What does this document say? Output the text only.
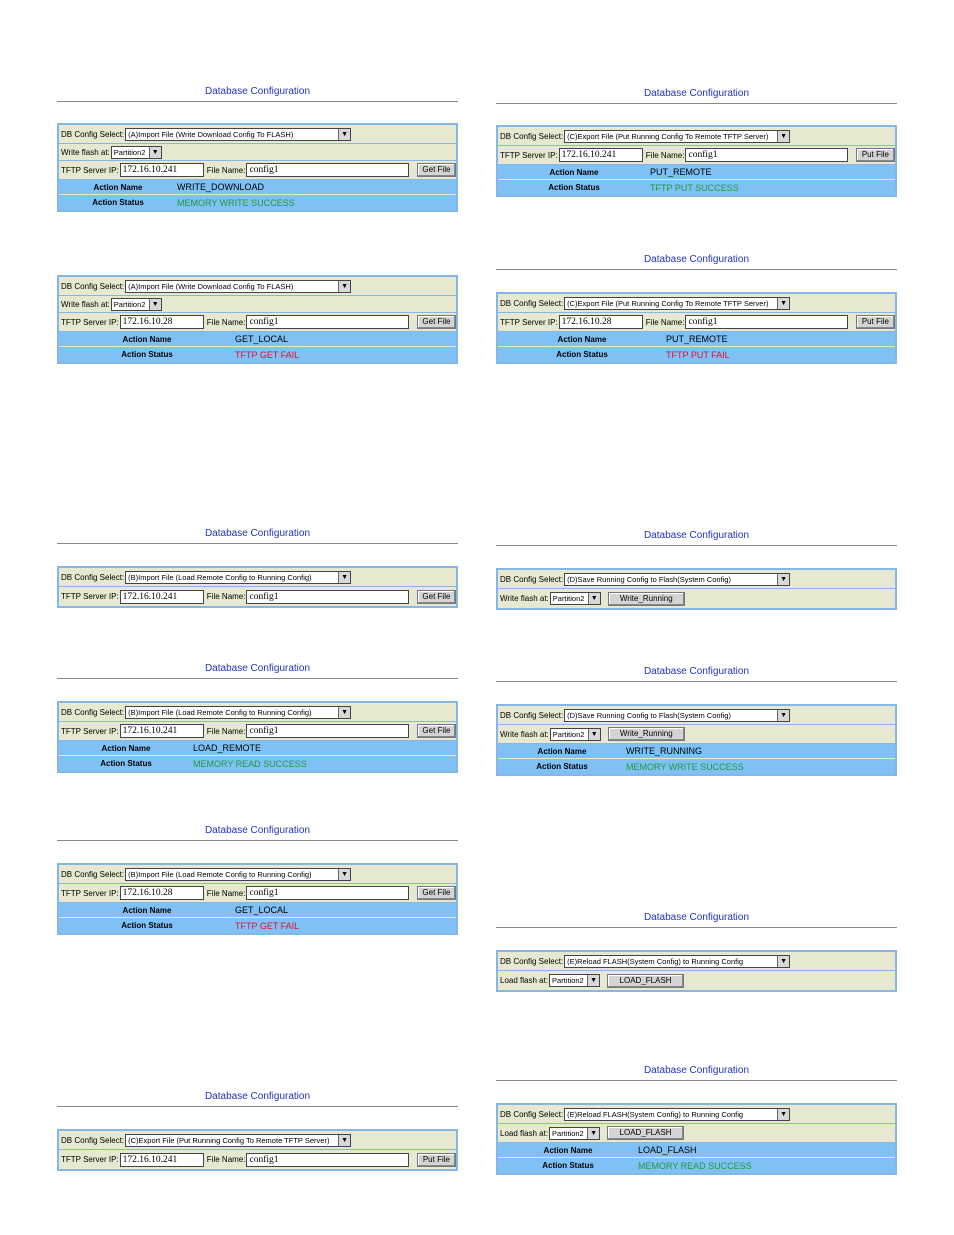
Database Configuration
DB Config Select: (A)Import File (Write Download Config To FLASH)	▼
Write flash at: Partition2 ▼
TFTP Server IP: 172.16.10.241	File Name: config1	Get File
Action Name	WRITE_DOWNLOAD
Action Status	MEMORY WRITE SUCCESS
DB Config Select: (A)Import File (Write Download Config To FLASH)	▼
Write flash at: Partition2 ▼
TFTP Server IP: 172.16.10.28	File Name: config1	Get File
Action Name	GET_LOCAL
Action Status	TFTP GET FAIL
Database Configuration
DB Config Select: (B)Import File (Load Remote Config to Running Config)	▼
TFTP Server IP: 172.16.10.241	File Name: config1	Get File
Database Configuration
DB Config Select: (B)Import File (Load Remote Config to Running Config)	▼
TFTP Server IP: 172.16.10.241	File Name: config1	Get File
Action Name	LOAD_REMOTE
Action Status	MEMORY READ SUCCESS
Database Configuration
DB Config Select: (B)Import File (Load Remote Config to Running Config)	▼
TFTP Server IP: 172.16.10.28	File Name: config1	Get File
Action Name	GET_LOCAL
Action Status	TFTP GET FAIL
Database Configuration
DB Config Select: (C)Export File (Put Running Config To Remote TFTP Server)	▼
TFTP Server IP: 172.16.10.241	File Name: config1	Put File
Database Configuration
DB Config Select: (C)Export File (Put Running Config To Remote TFTP Server)	▼
TFTP Server IP: 172.16.10.241	File Name: config1	Put File
Action Name	PUT_REMOTE
Action Status	TFTP PUT SUCCESS
Database Configuration
DB Config Select: (C)Export File (Put Running Config To Remote TFTP Server)	▼
TFTP Server IP: 172.16.10.28	File Name: config1	Put File
Action Name	PUT_REMOTE
Action Status	TFTP PUT FAIL
Database Configuration
DB Config Select: (D)Save Running Config to Flash(System Config)	▼
Write flash at: Partition2 ▼	Write_Running
Database Configuration
DB Config Select: (D)Save Running Config to Flash(System Config)	▼
Write flash at: Partition2 ▼	Write_Running
Action Name	WRITE_RUNNING
Action Status	MEMORY WRITE SUCCESS
Database Configuration
DB Config Select: (E)Reload FLASH(System Config) to Running Config	▼
Load flash at: Partition2 ▼	LOAD_FLASH
Database Configuration
DB Config Select: (E)Reload FLASH(System Config) to Running Config	▼
Load flash at: Partition2 ▼	LOAD_FLASH
Action Name	LOAD_FLASH
Action Status	MEMORY READ SUCCESS
